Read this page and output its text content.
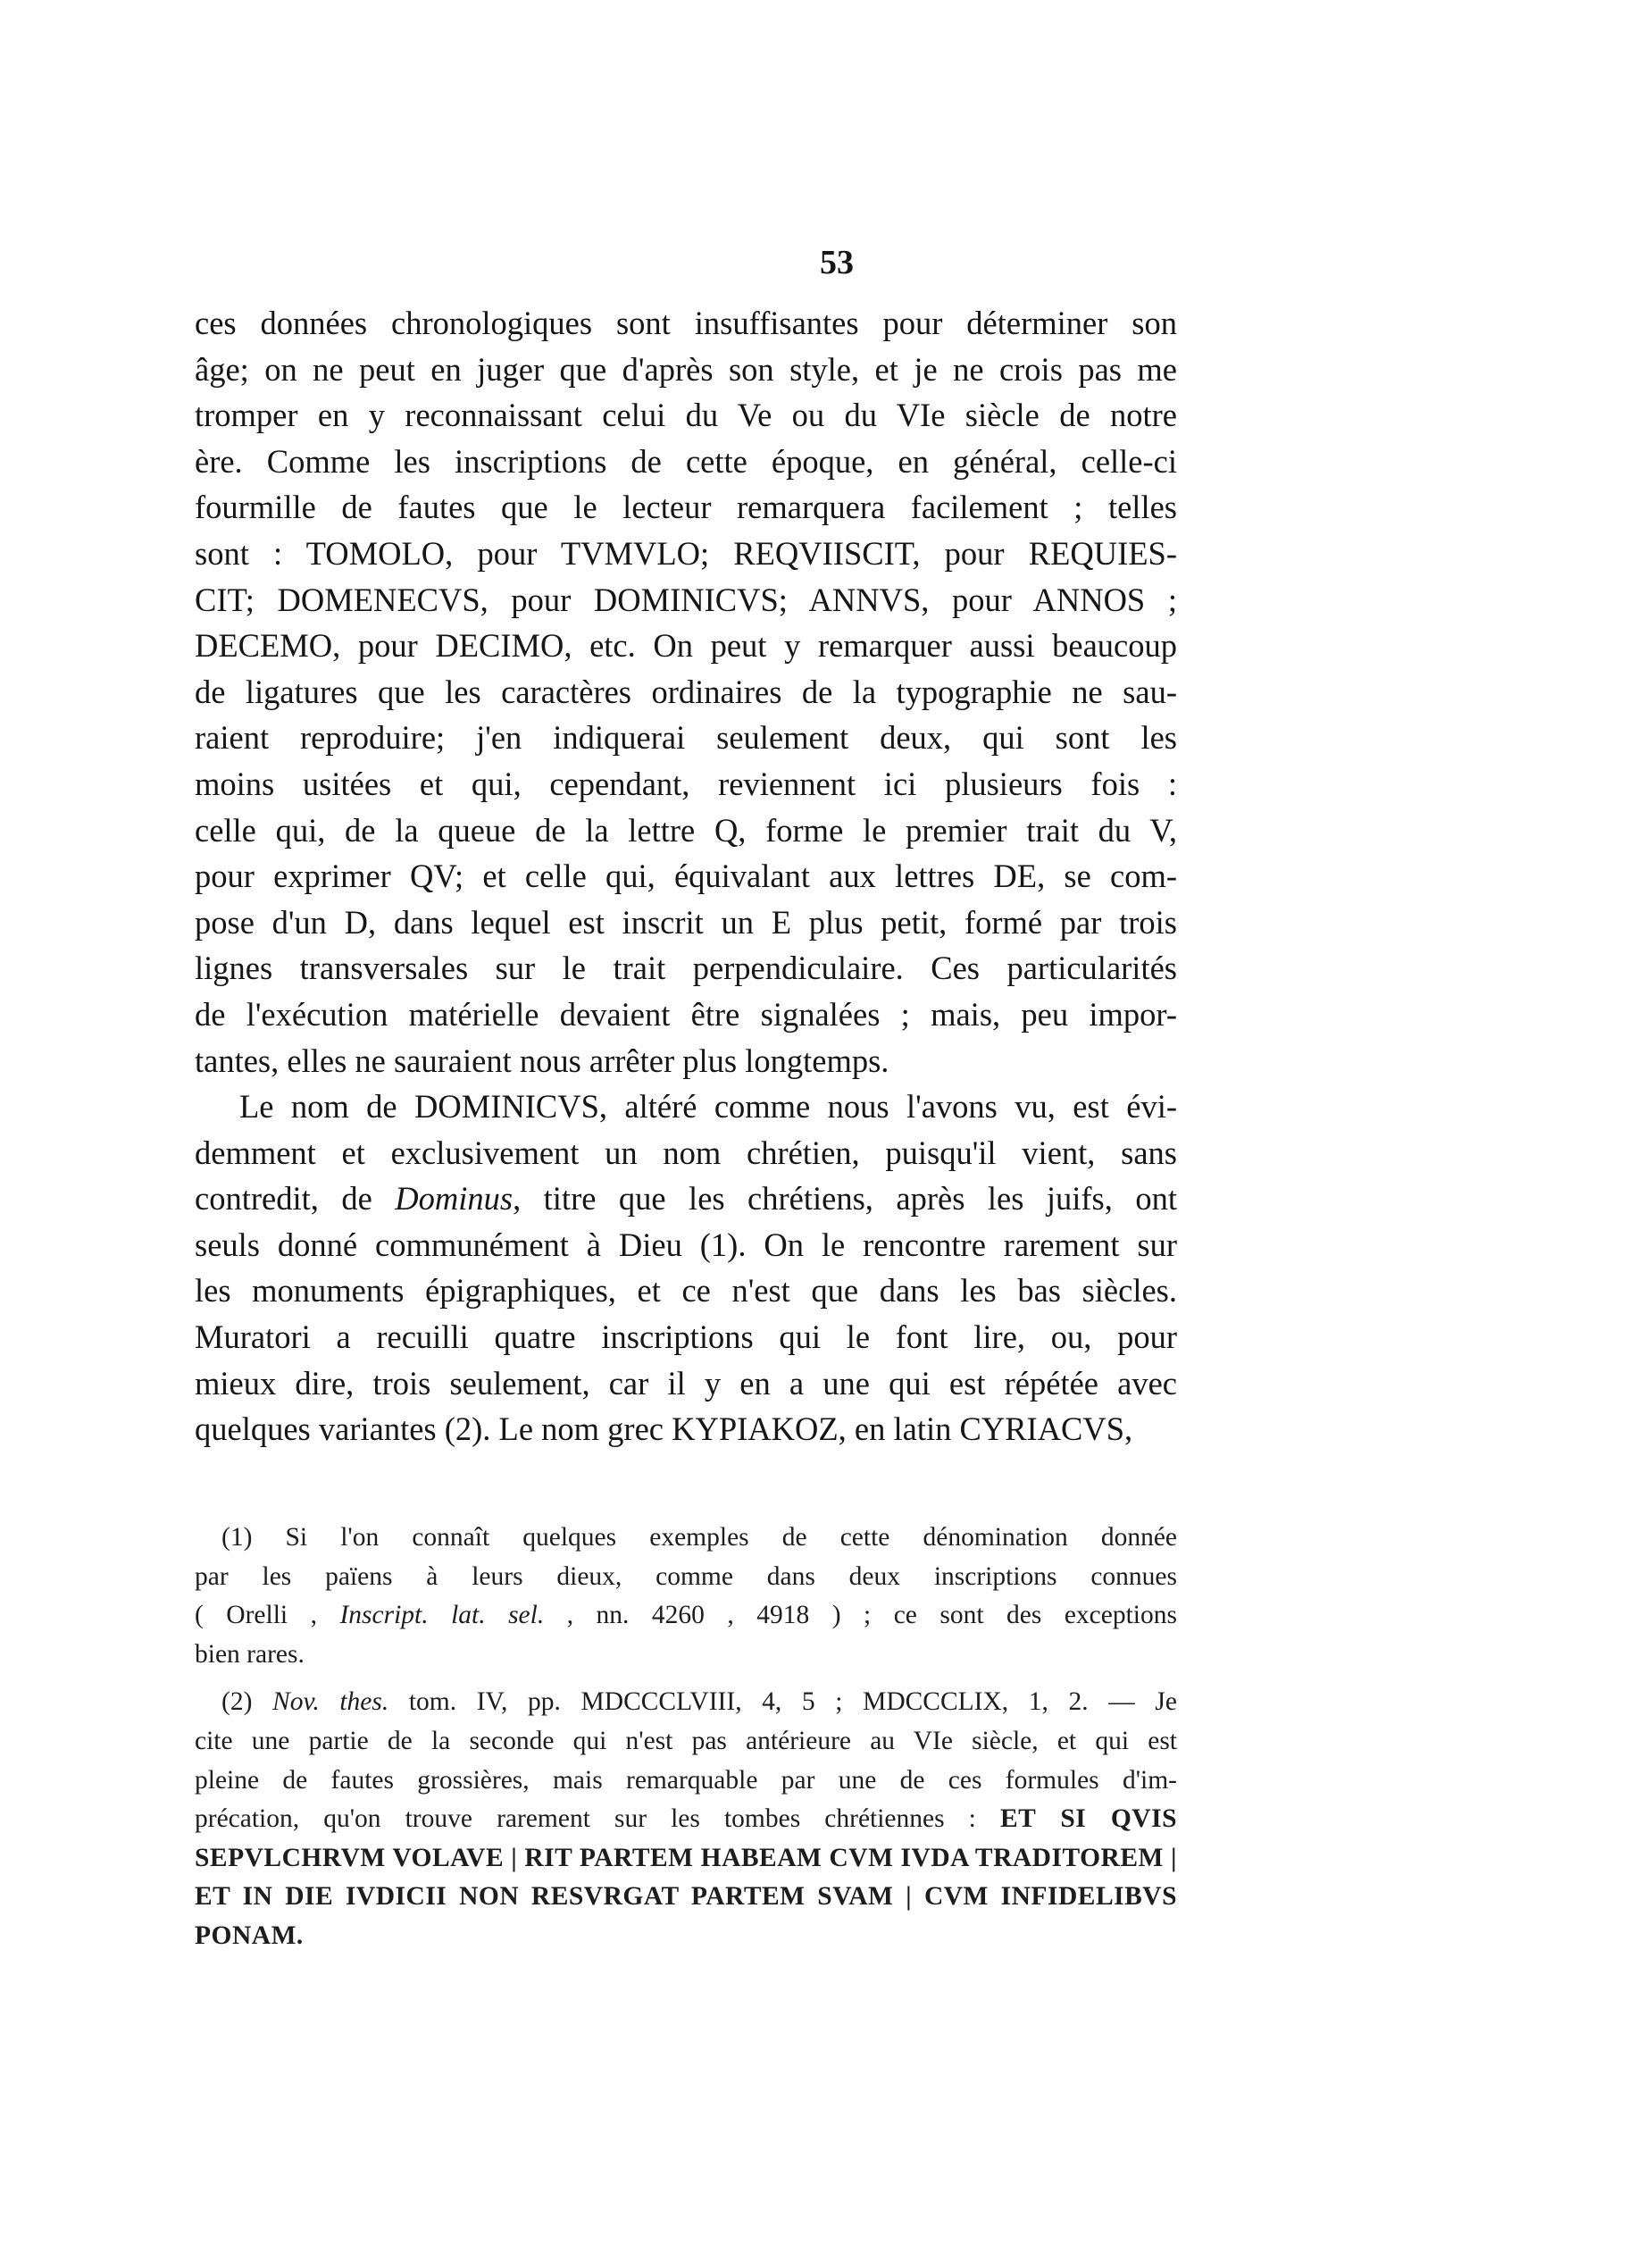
53
ces données chronologiques sont insuffisantes pour déterminer son
âge; on ne peut en juger que d'après son style, et je ne crois pas me
tromper en y reconnaissant celui du Ve ou du VIe siècle de notre
ère. Comme les inscriptions de cette époque, en général, celle-ci
fourmille de fautes que le lecteur remarquera facilement ; telles
sont : TOMOLO, pour TVMVLO; REQVIISCIT, pour REQUIES-
CIT; DOMENECVS, pour DOMINICVS; ANNVS, pour ANNOS ;
DECEMO, pour DECIMO, etc. On peut y remarquer aussi beaucoup
de ligatures que les caractères ordinaires de la typographie ne sau-
raient reproduire; j'en indiquerai seulement deux, qui sont les
moins usitées et qui, cependant, reviennent ici plusieurs fois :
celle qui, de la queue de la lettre Q, forme le premier trait du V,
pour exprimer QV; et celle qui, équivalant aux lettres DE, se com-
pose d'un D, dans lequel est inscrit un E plus petit, formé par trois
lignes transversales sur le trait perpendiculaire. Ces particularités
de l'exécution matérielle devaient être signalées ; mais, peu impor-
tantes, elles ne sauraient nous arrêter plus longtemps.
Le nom de DOMINICVS, altéré comme nous l'avons vu, est évi-
demment et exclusivement un nom chrétien, puisqu'il vient, sans
contredit, de Dominus, titre que les chrétiens, après les juifs, ont
seuls donné communément à Dieu (1). On le rencontre rarement sur
les monuments épigraphiques, et ce n'est que dans les bas siècles.
Muratori a recuilli quatre inscriptions qui le font lire, ou, pour
mieux dire, trois seulement, car il y en a une qui est répétée avec
quelques variantes (2). Le nom grec KYPIAKOZ, en latin CYRIACVS,
(1) Si l'on connaît quelques exemples de cette dénomination donnée
par les païens à leurs dieux, comme dans deux inscriptions connues
( Orelli , Inscript. lat. sel. , nn. 4260 , 4918 ) ; ce sont des exceptions
bien rares.
(2) Nov. thes. tom. IV, pp. MDCCCLVIII, 4, 5 ; MDCCCLIX, 1, 2. — Je
cite une partie de la seconde qui n'est pas antérieure au VIe siècle, et qui est
pleine de fautes grossières, mais remarquable par une de ces formules d'im-
précation, qu'on trouve rarement sur les tombes chrétiennes : ET SI QVIS
SEPVLCHRVM VOLAVE | RIT PARTEM HABEAM CVM IVDA TRADITOREM |
ET IN DIE IVDICII NON RESVRGAT PARTEM SVAM | CVM INFIDELIBVS
PONAM.
